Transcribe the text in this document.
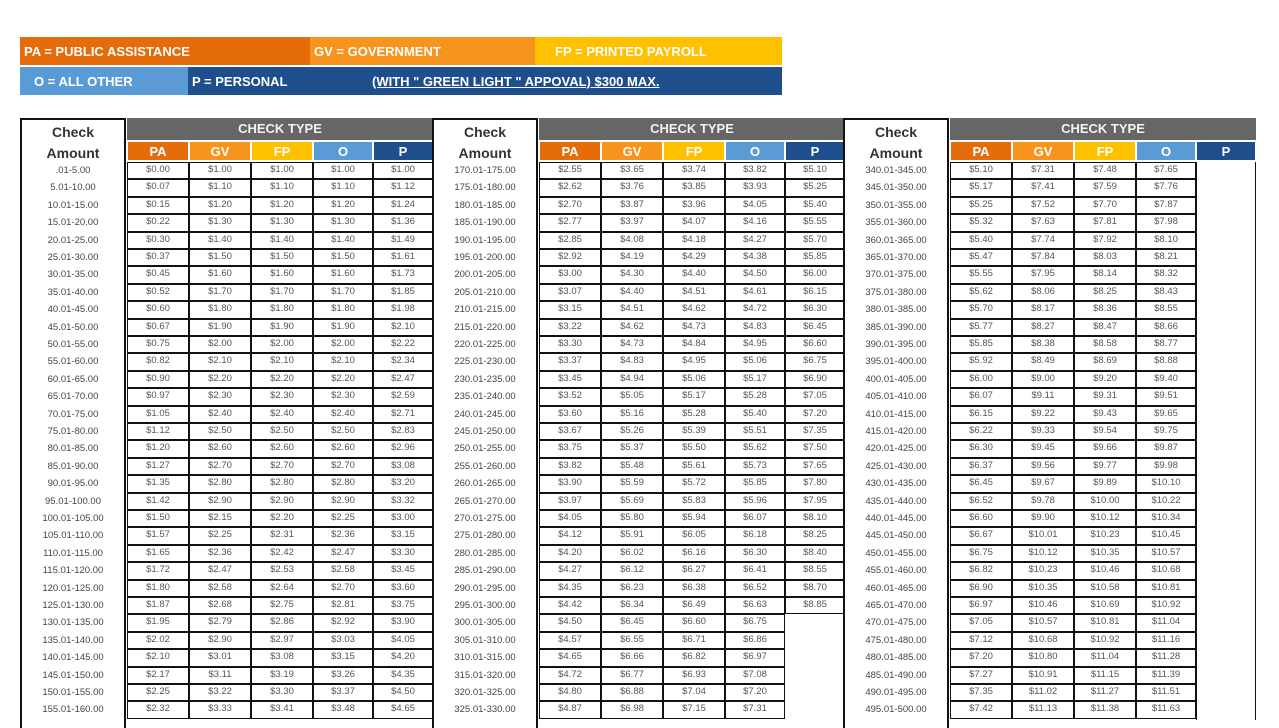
PA = PUBLIC ASSISTANCE	GV = GOVERNMENT	FP = PRINTED PAYROLL
O = ALL OTHER	P = PERSONAL	(WITH " GREEN LIGHT " APPOVAL) $300 MAX.
Check
Amount
CHECK TYPE
PA	GV	FP	O	P
.01-5.00	$0.00	$1.00	$1.00	$1.00	$1.00
5.01-10.00	$0.07	$1.10	$1.10	$1.10	$1.12
10.01-15.00	$0.15	$1.20	$1.20	$1.20	$1.24
15.01-20.00	$0.22	$1.30	$1.30	$1.30	$1.36
20.01-25.00	$0.30	$1.40	$1.40	$1.40	$1.49
25.01-30.00	$0.37	$1.50	$1.50	$1.50	$1.61
30.01-35.00	$0.45	$1.60	$1.60	$1.60	$1.73
35.01-40.00	$0.52	$1.70	$1.70	$1.70	$1.85
40.01-45.00	$0.60	$1.80	$1.80	$1.80	$1.98
45.01-50.00	$0.67	$1.90	$1.90	$1.90	$2.10
50.01-55.00	$0.75	$2.00	$2.00	$2.00	$2.22
55.01-60.00	$0.82	$2.10	$2.10	$2.10	$2.34
60.01-65.00	$0.90	$2.20	$2.20	$2.20	$2.47
65.01-70.00	$0.97	$2.30	$2.30	$2.30	$2.59
70.01-75.00	$1.05	$2.40	$2.40	$2.40	$2.71
75.01-80.00	$1.12	$2.50	$2.50	$2.50	$2.83
80.01-85.00	$1.20	$2.60	$2.60	$2.60	$2.96
85.01-90.00	$1.27	$2.70	$2.70	$2.70	$3.08
90.01-95.00	$1.35	$2.80	$2.80	$2.80	$3.20
95.01-100.00	$1.42	$2.90	$2.90	$2.90	$3.32
100.01-105.00	$1.50	$2.15	$2.20	$2.25	$3.00
105.01-110.00	$1.57	$2.25	$2.31	$2.36	$3.15
110.01-115.00	$1.65	$2.36	$2.42	$2.47	$3.30
115.01-120.00	$1.72	$2.47	$2.53	$2.58	$3.45
120.01-125.00	$1.80	$2.58	$2.64	$2.70	$3.60
125.01-130.00	$1.87	$2.68	$2.75	$2.81	$3.75
130.01-135.00	$1.95	$2.79	$2.86	$2.92	$3.90
135.01-140.00	$2.02	$2.90	$2.97	$3.03	$4.05
140.01-145.00	$2.10	$3.01	$3.08	$3.15	$4.20
145.01-150.00	$2.17	$3.11	$3.19	$3.26	$4.35
150.01-155.00	$2.25	$3.22	$3.30	$3.37	$4.50
155.01-160.00	$2.32	$3.33	$3.41	$3.48	$4.65
Check
Amount
CHECK TYPE
PA	GV	FP	O	P
170.01-175.00	$2.55	$3.65	$3.74	$3.82	$5.10
175.01-180.00	$2.62	$3.76	$3.85	$3.93	$5.25
180.01-185.00	$2.70	$3.87	$3.96	$4.05	$5.40
185.01-190.00	$2.77	$3.97	$4.07	$4.16	$5.55
190.01-195.00	$2.85	$4.08	$4.18	$4.27	$5.70
195.01-200.00	$2.92	$4.19	$4.29	$4.38	$5.85
200.01-205.00	$3.00	$4.30	$4.40	$4.50	$6.00
205.01-210.00	$3.07	$4.40	$4.51	$4.61	$6.15
210.01-215.00	$3.15	$4.51	$4.62	$4.72	$6.30
215.01-220.00	$3.22	$4.62	$4.73	$4.83	$6.45
220.01-225.00	$3.30	$4.73	$4.84	$4.95	$6.60
225.01-230.00	$3.37	$4.83	$4.95	$5.06	$6.75
230.01-235.00	$3.45	$4.94	$5.06	$5.17	$6.90
235.01-240.00	$3.52	$5.05	$5.17	$5.28	$7.05
240.01-245.00	$3.60	$5.16	$5.28	$5.40	$7.20
245.01-250.00	$3.67	$5.26	$5.39	$5.51	$7.35
250.01-255.00	$3.75	$5.37	$5.50	$5.62	$7.50
255.01-260.00	$3.82	$5.48	$5.61	$5.73	$7.65
260.01-265.00	$3.90	$5.59	$5.72	$5.85	$7.80
265.01-270.00	$3.97	$5.69	$5.83	$5.96	$7.95
270.01-275.00	$4.05	$5.80	$5.94	$6.07	$8.10
275.01-280.00	$4.12	$5.91	$6.05	$6.18	$8.25
280.01-285.00	$4.20	$6.02	$6.16	$6.30	$8.40
285.01-290.00	$4.27	$6.12	$6.27	$6.41	$8.55
290.01-295.00	$4.35	$6.23	$6.38	$6.52	$8.70
295.01-300.00	$4.42	$6.34	$6.49	$6.63	$8.85
300.01-305.00	$4.50	$6.45	$6.60	$6.75
305.01-310.00	$4.57	$6.55	$6.71	$6.86
310.01-315.00	$4.65	$6.66	$6.82	$6.97
315.01-320.00	$4.72	$6.77	$6.93	$7.08
320.01-325.00	$4.80	$6.88	$7.04	$7.20
325.01-330.00	$4.87	$6.98	$7.15	$7.31
Check
Amount
CHECK TYPE
PA	GV	FP	O	P
340.01-345.00	$5.10	$7.31	$7.48	$7.65
345.01-350.00	$5.17	$7.41	$7.59	$7.76
350.01-355.00	$5.25	$7.52	$7.70	$7.87
355.01-360.00	$5.32	$7.63	$7.81	$7.98
360.01-365.00	$5.40	$7.74	$7.92	$8.10
365.01-370.00	$5.47	$7.84	$8.03	$8.21
370.01-375.00	$5.55	$7.95	$8.14	$8.32
375.01-380.00	$5.62	$8.06	$8.25	$8.43
380.01-385.00	$5.70	$8.17	$8.36	$8.55
385.01-390.00	$5.77	$8.27	$8.47	$8.66
390.01-395.00	$5.85	$8.38	$8.58	$8.77
395.01-400.00	$5.92	$8.49	$8.69	$8.88
400.01-405.00	$6.00	$9.00	$9.20	$9.40
405.01-410.00	$6.07	$9.11	$9.31	$9.51
410.01-415.00	$6.15	$9.22	$9.43	$9.65
415.01-420.00	$6.22	$9.33	$9.54	$9.75
420.01-425.00	$6.30	$9.45	$9.66	$9.87
425.01-430.00	$6.37	$9.56	$9.77	$9.98
430.01-435.00	$6.45	$9.67	$9.89	$10.10
435.01-440.00	$6.52	$9.78	$10.00	$10.22
440.01-445.00	$6.60	$9.90	$10.12	$10.34
445.01-450.00	$6.67	$10.01	$10.23	$10.45
450.01-455.00	$6.75	$10.12	$10.35	$10.57
455.01-460.00	$6.82	$10.23	$10.46	$10.68
460.01-465.00	$6.90	$10.35	$10.58	$10.81
465.01-470.00	$6.97	$10.46	$10.69	$10.92
470.01-475.00	$7.05	$10.57	$10.81	$11.04
475.01-480.00	$7.12	$10.68	$10.92	$11.16
480.01-485.00	$7.20	$10.80	$11.04	$11.28
485.01-490.00	$7.27	$10.91	$11.15	$11.39
490.01-495.00	$7.35	$11.02	$11.27	$11.51
495.01-500.00	$7.42	$11.13	$11.38	$11.63
